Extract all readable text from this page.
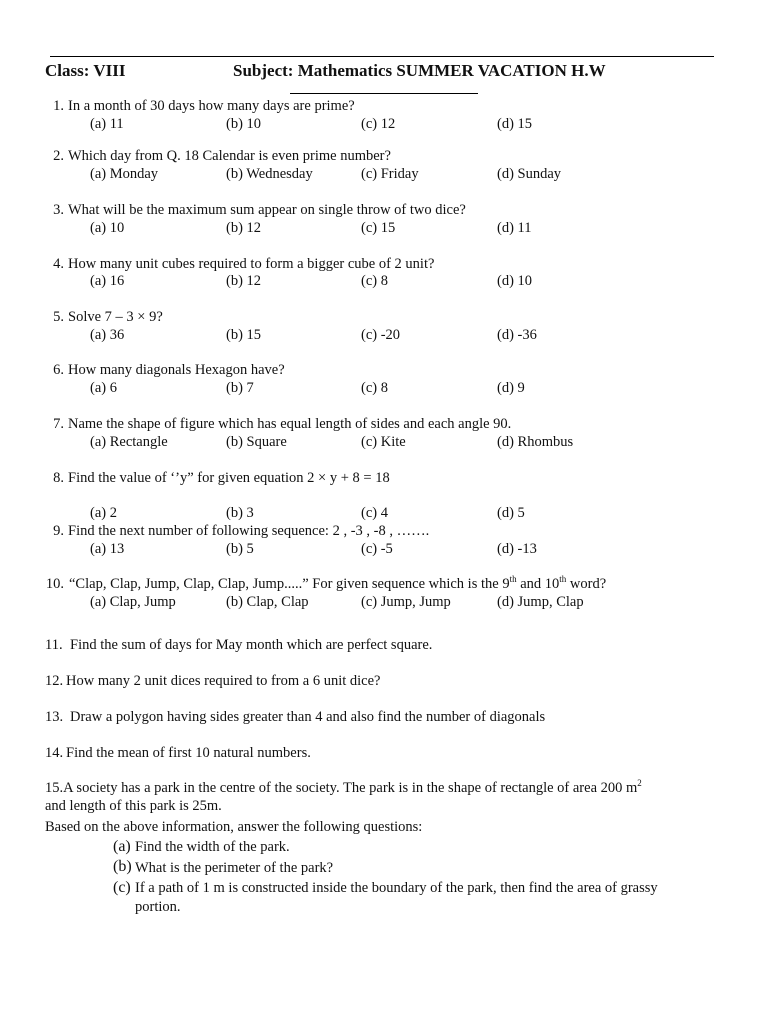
Class: VIII	Subject: Mathematics SUMMER VACATION H.W
1. In a month of 30 days how many days are prime?
(a) 11	(b) 10	(c) 12	(d) 15
2. Which day from Q. 18 Calendar is even prime number?
(a) Monday	(b) Wednesday	(c) Friday	(d) Sunday
3. What will be the maximum sum appear on single throw of two dice?
(a) 10	(b) 12	(c) 15	(d) 11
4. How many unit cubes required to form a bigger cube of 2 unit?
(a) 16	(b) 12	(c) 8	(d) 10
5. Solve 7 – 3 × 9?
(a) 36	(b) 15	(c) -20	(d) -36
6. How many diagonals Hexagon have?
(a) 6	(b) 7	(c) 8	(d) 9
7. Name the shape of figure which has equal length of sides and each angle 90.
(a) Rectangle	(b) Square	(c) Kite	(d) Rhombus
8. Find the value of ‘’y” for given equation 2 × y + 8 = 18
(a) 2	(b) 3	(c) 4	(d) 5
9. Find the next number of following sequence: 2 , -3 , -8 , …….
(a) 13	(b) 5	(c) -5	(d) -13
10. “Clap, Clap, Jump, Clap, Clap, Jump.....” For given sequence which is the 9th and 10th word?
(a) Clap, Jump	(b) Clap, Clap	(c) Jump, Jump	(d) Jump, Clap
11. Find the sum of days for May month which are perfect square.
12. How many 2 unit dices required to from a 6 unit dice?
13. Draw a polygon having sides greater than 4 and also find the number of diagonals
14. Find the mean of first 10 natural numbers.
15.A society has a park in the centre of the society. The park is in the shape of rectangle of area 200 $m^2$
and length of this park is 25m.
Based on the above information, answer the following questions:
(a) Find the width of the park.
(b) What is the perimeter of the park?
(c) If a path of 1 m is constructed inside the boundary of the park, then find the area of grassy
portion.
